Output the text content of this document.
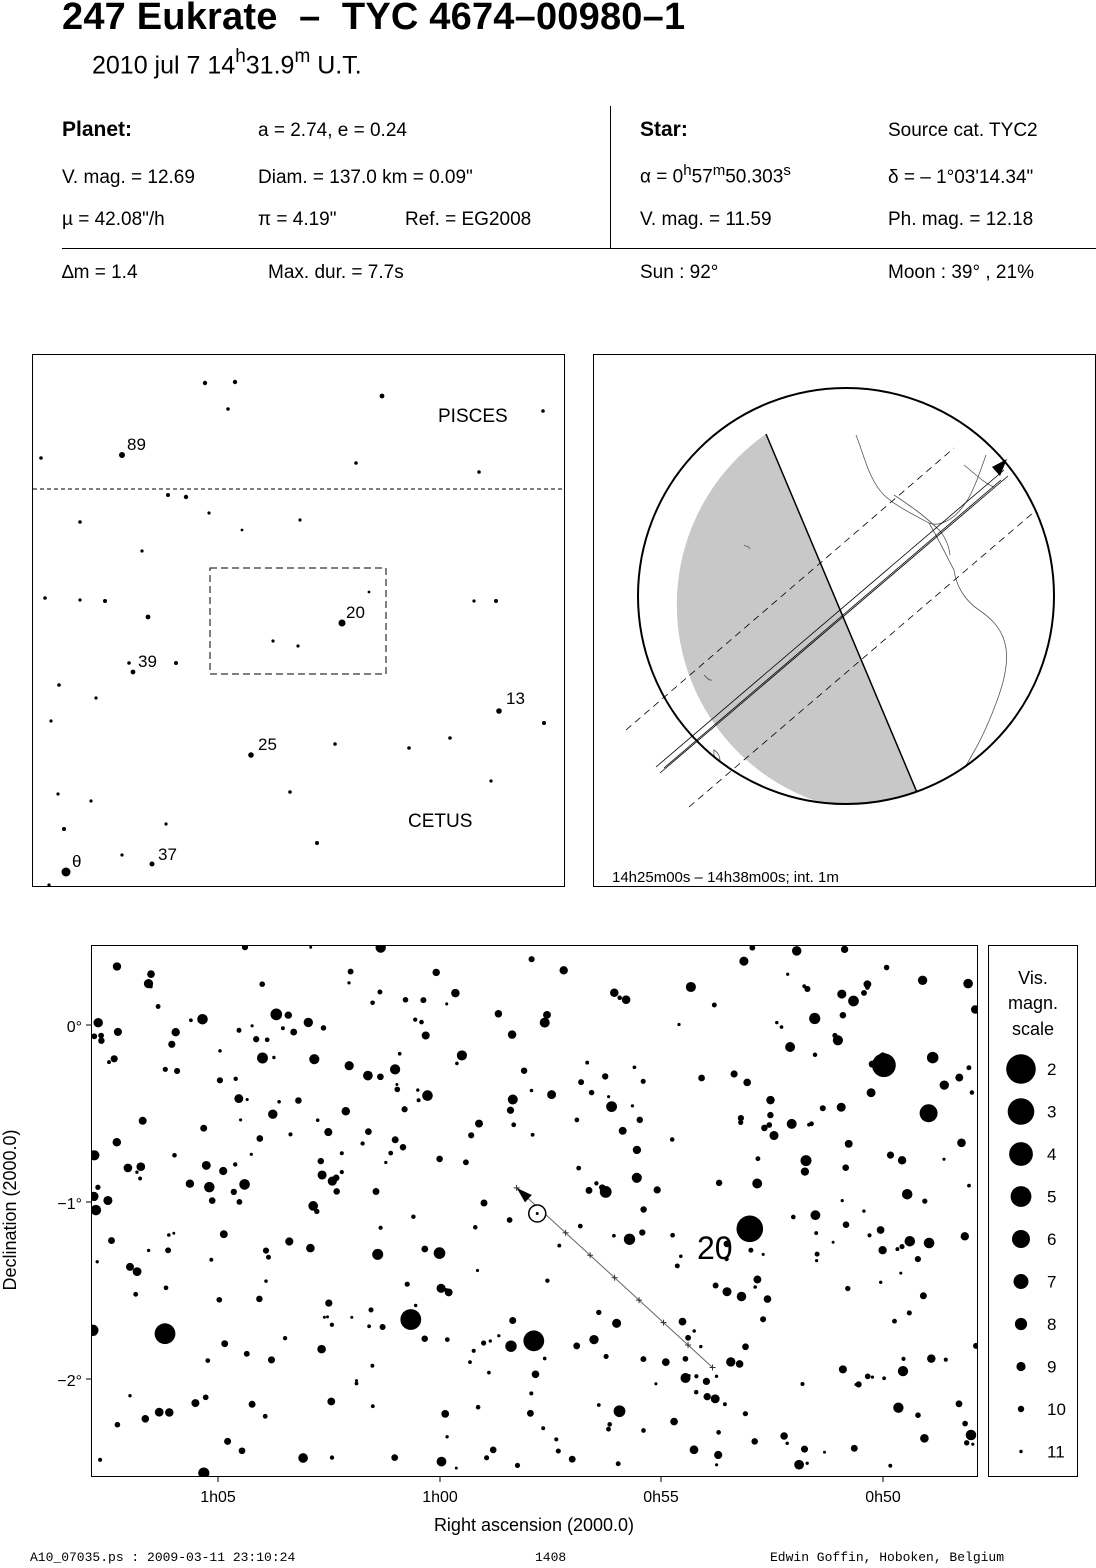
247 Eukrate  –  TYC 4674–00980–1
2010 jul 7 14$^h$31.9$^m$ U.T.
Planet:	a = 2.74, e = 0.24
V. mag. = 12.69	Diam. = 137.0 km = 0.09"
µ = 42.08"/h	π = 4.19"	Ref. = EG2008
Star:	Source cat. TYC2
$\alpha = 0^h57^m50.303^s$	δ = – 1°03'14.34"
V. mag. = 11.59	Ph. mag. = 12.18
∆m = 1.4	Max. dur. = 7.7s	Sun : 92°	Moon : 39° , 21%
PISCES
CETUS
89
20
39
13
25
37
θ
14h25m00s – 14h38m00s; int. 1m
20
0°
−1°
−2°
1h05	1h00	0h55	0h50
Right ascension (2000.0)
Declination (2000.0)
Vis.
magn.
scale
2
3
4
5
6
7
8
9
10
11
A10_07035.ps : 2009-03-11 23:10:24	1408	Edwin Goffin, Hoboken, Belgium
